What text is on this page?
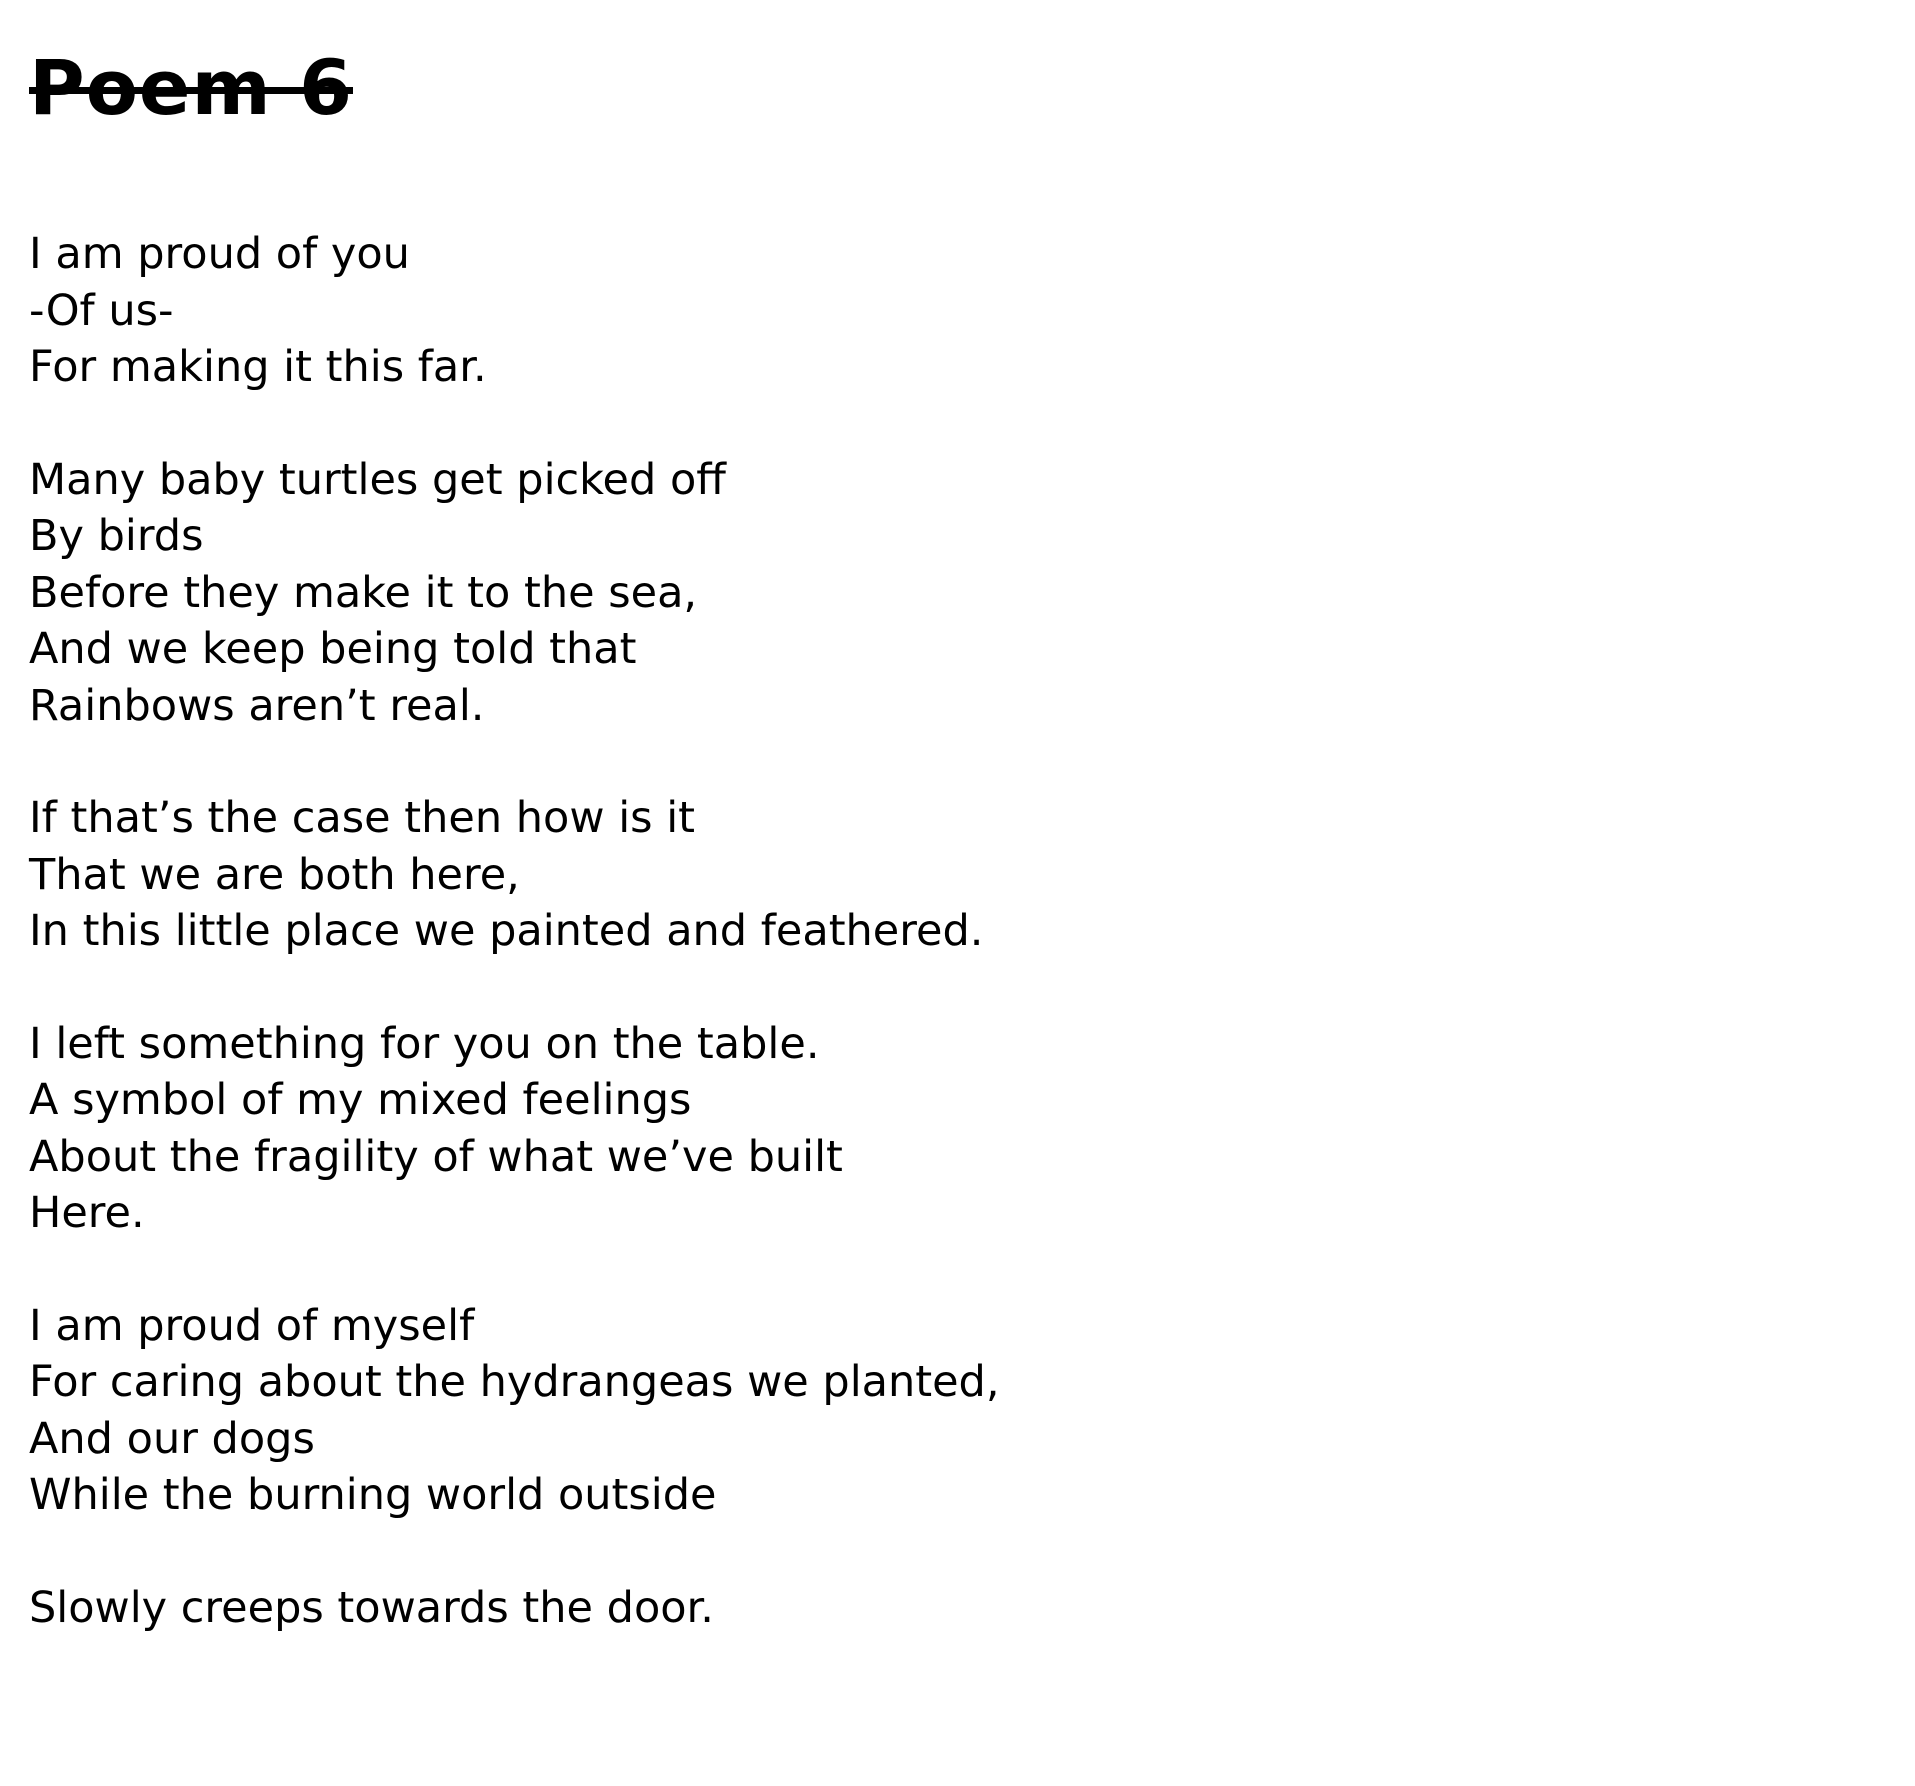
Poem 6
I am proud of you
-Of us-
For making it this far.
Many baby turtles get picked off
By birds
Before they make it to the sea,
And we keep being told that
Rainbows aren’t real.
If that’s the case then how is it
That we are both here,
In this little place we painted and feathered.
I left something for you on the table.
A symbol of my mixed feelings
About the fragility of what we’ve built
Here.
I am proud of myself
For caring about the hydrangeas we planted,
And our dogs
While the burning world outside
Slowly creeps towards the door.
